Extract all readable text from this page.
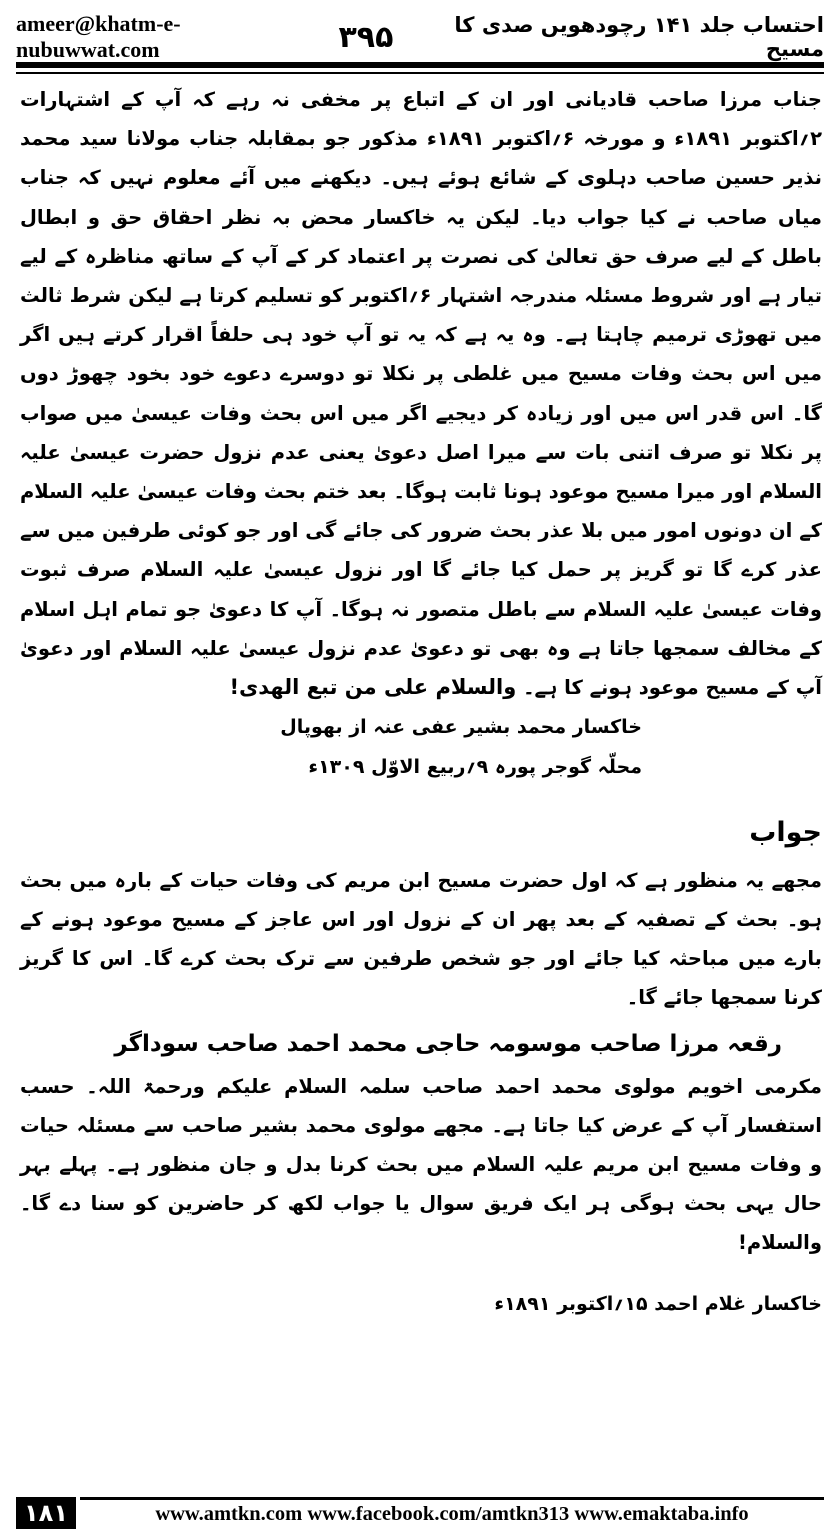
ameer@khatm-e-nubuwwat.com	۳۹۵	احتساب جلد ۱۴۱ رچودھویں صدی کا مسیح

جناب مرزا صاحب قادیانی اور ان کے اتباع پر مخفی نہ رہے کہ آپ کے اشتہارات ۲؍اکتوبر ۱۸۹۱ء و مورخہ ۶؍اکتوبر ۱۸۹۱ء مذکور جو بمقابلہ جناب مولانا سید محمد نذیر حسین صاحب دہلوی کے شائع ہوئے ہیں۔ دیکھنے میں آئے معلوم نہیں کہ جناب میاں صاحب نے کیا جواب دیا۔ لیکن یہ خاکسار محض بہ نظر احقاق حق و ابطال باطل کے لیے صرف حق تعالیٰ کی نصرت پر اعتماد کر کے آپ کے ساتھ مناظرہ کے لیے تیار ہے اور شروط مسئلہ مندرجہ اشتہار ۶؍اکتوبر کو تسلیم کرتا ہے لیکن شرط ثالث میں تھوڑی ترمیم چاہتا ہے۔ وہ یہ ہے کہ یہ تو آپ خود ہی حلفاً اقرار کرتے ہیں اگر میں اس بحث وفات مسیح میں غلطی پر نکلا تو دوسرے دعوے خود بخود چھوڑ دوں گا۔ اس قدر اس میں اور زیادہ کر دیجیے اگر میں اس بحث وفات عیسیٰ میں صواب پر نکلا تو صرف اتنی بات سے میرا اصل دعویٰ یعنی عدم نزول حضرت عیسیٰ علیہ السلام اور میرا مسیح موعود ہونا ثابت ہوگا۔ بعد ختم بحث وفات عیسیٰ علیہ السلام کے ان دونوں امور میں بلا عذر بحث ضرور کی جائے گی اور جو کوئی طرفین میں سے عذر کرے گا تو گریز پر حمل کیا جائے گا اور نزول عیسیٰ علیہ السلام صرف ثبوت وفات عیسیٰ علیہ السلام سے باطل متصور نہ ہوگا۔ آپ کا دعویٰ جو تمام اہل اسلام کے مخالف سمجھا جاتا ہے وہ بھی تو دعویٰ عدم نزول عیسیٰ علیہ السلام اور دعویٰ آپ کے مسیح موعود ہونے کا ہے۔ والسلام علی من تبع الهدی!

خاکسار محمد بشیر عفی عنہ از بھوپال

محلّہ گوجر پورہ ۹؍ربیع الاوّل ۱۳۰۹ء

جواب

مجھے یہ منظور ہے کہ اول حضرت مسیح ابن مریم کی وفات حیات کے بارہ میں بحث ہو۔ بحث کے تصفیہ کے بعد پھر ان کے نزول اور اس عاجز کے مسیح موعود ہونے کے بارے میں مباحثہ کیا جائے اور جو شخص طرفین سے ترک بحث کرے گا۔ اس کا گریز کرنا سمجھا جائے گا۔

رقعہ مرزا صاحب موسومہ حاجی محمد احمد صاحب سوداگر

مکرمی اخویم مولوی محمد احمد صاحب سلمہ السلام علیکم ورحمۃ اللہ۔ حسب استفسار آپ کے عرض کیا جاتا ہے۔ مجھے مولوی محمد بشیر صاحب سے مسئلہ حیات و وفات مسیح ابن مریم علیہ السلام میں بحث کرنا بدل و جان منظور ہے۔ پہلے بہر حال یہی بحث ہوگی ہر ایک فریق سوال یا جواب لکھ کر حاضرین کو سنا دے گا۔ والسلام!

خاکسار غلام احمد ۱۵؍اکتوبر ۱۸۹۱ء

۱۸۱	www.amtkn.com www.facebook.com/amtkn313 www.emaktaba.info
